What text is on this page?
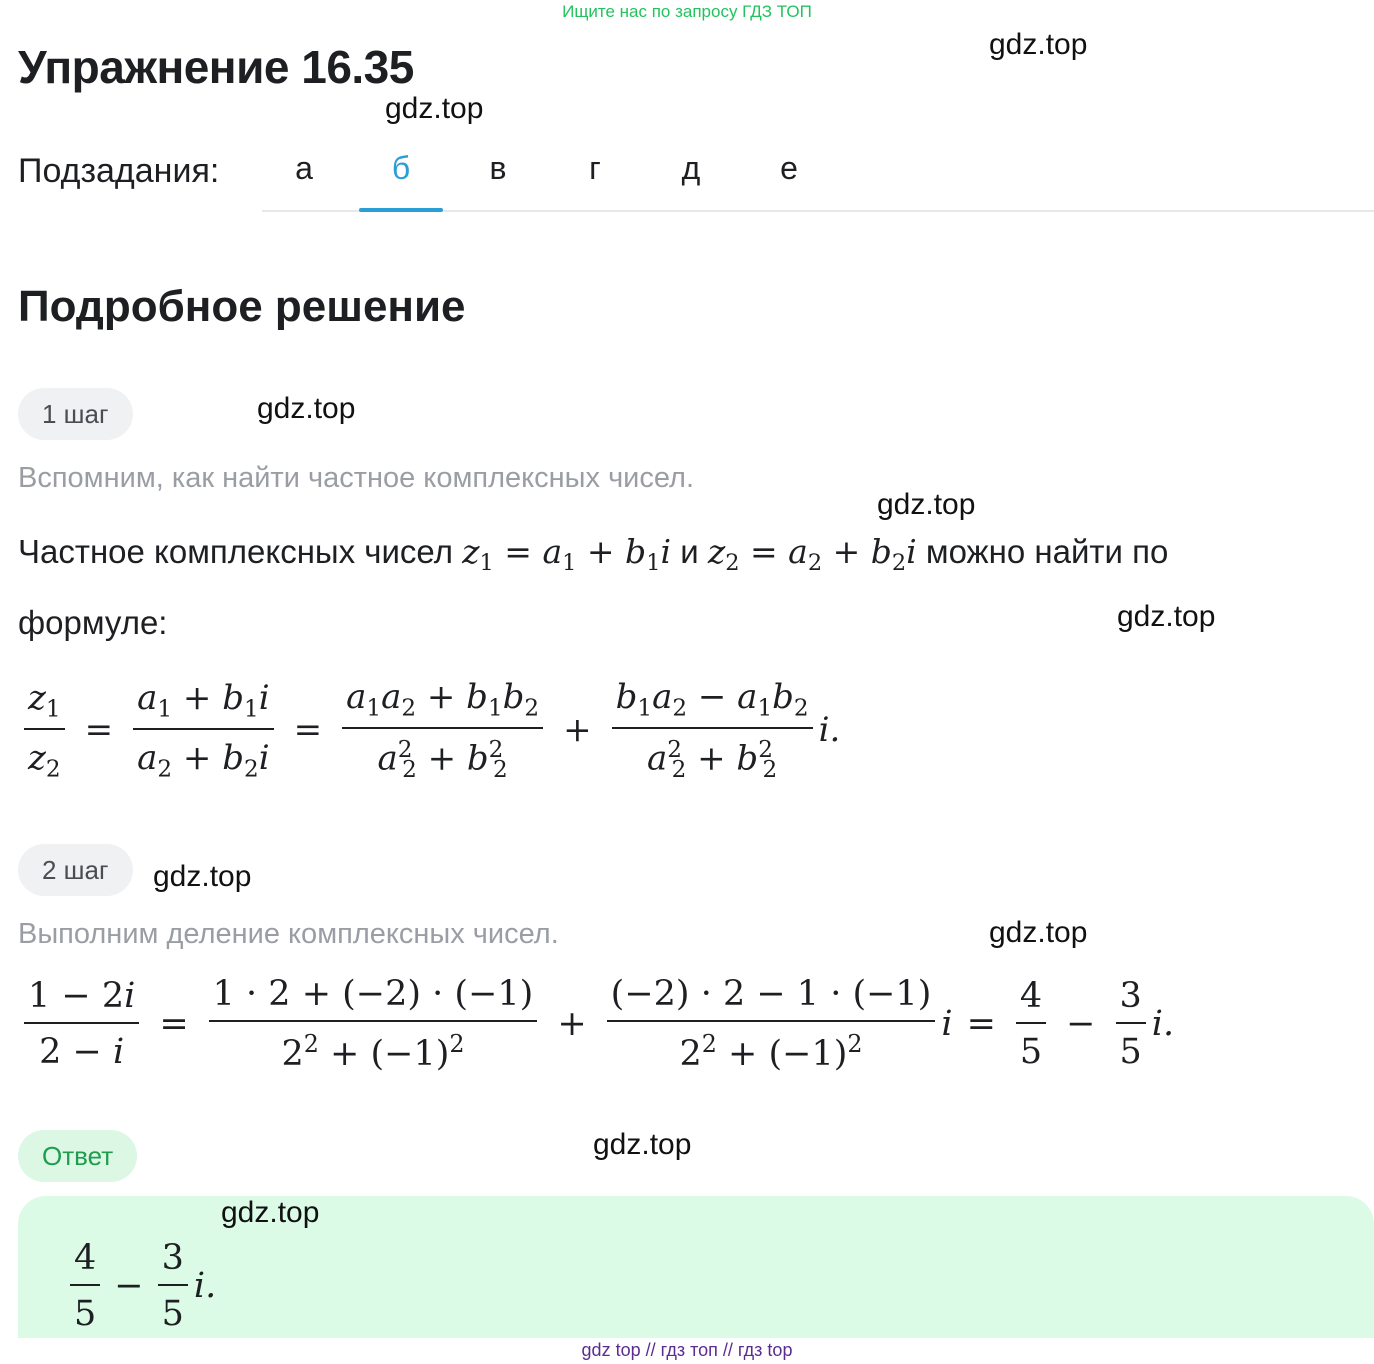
Ищите нас по запросу ГДЗ ТОП
gdz.top
Упражнение 16.35
gdz.top
Подзадания:	а	б	в	г	д	е
Подробное решение
1 шаг	gdz.top
Вспомним, как найти частное комплексных чисел.
gdz.top
Частное комплексных чисел $z_1 = a_1 + b_1i$ и $z_2 = a_2 + b_2i$ можно найти по
формуле:	gdz.top
$\frac{z_1}{z_2} = \frac{a_1 + b_1i}{a_2 + b_2i} = \frac{a_1a_2 + b_1b_2}{a^2_2 + b^2_2} + \frac{b_1a_2 - a_1b_2}{a^2_2 + b^2_2} i$.
2 шаг	gdz.top
Выполним деление комплексных чисел.	gdz.top
$\frac{1 - 2i}{2 - i} = \frac{1 \cdot 2 + (-2) \cdot (-1)}{2^2 + (-1)^2} + \frac{(-2) \cdot 2 - 1 \cdot (-1)}{2^2 + (-1)^2}$ $i = \frac{4}{5} - \frac{3}{5} i$.
Ответ	gdz.top
gdz.top
$\frac{4}{5} - \frac{3}{5} i$.
gdz top // гдз топ // гдз top
